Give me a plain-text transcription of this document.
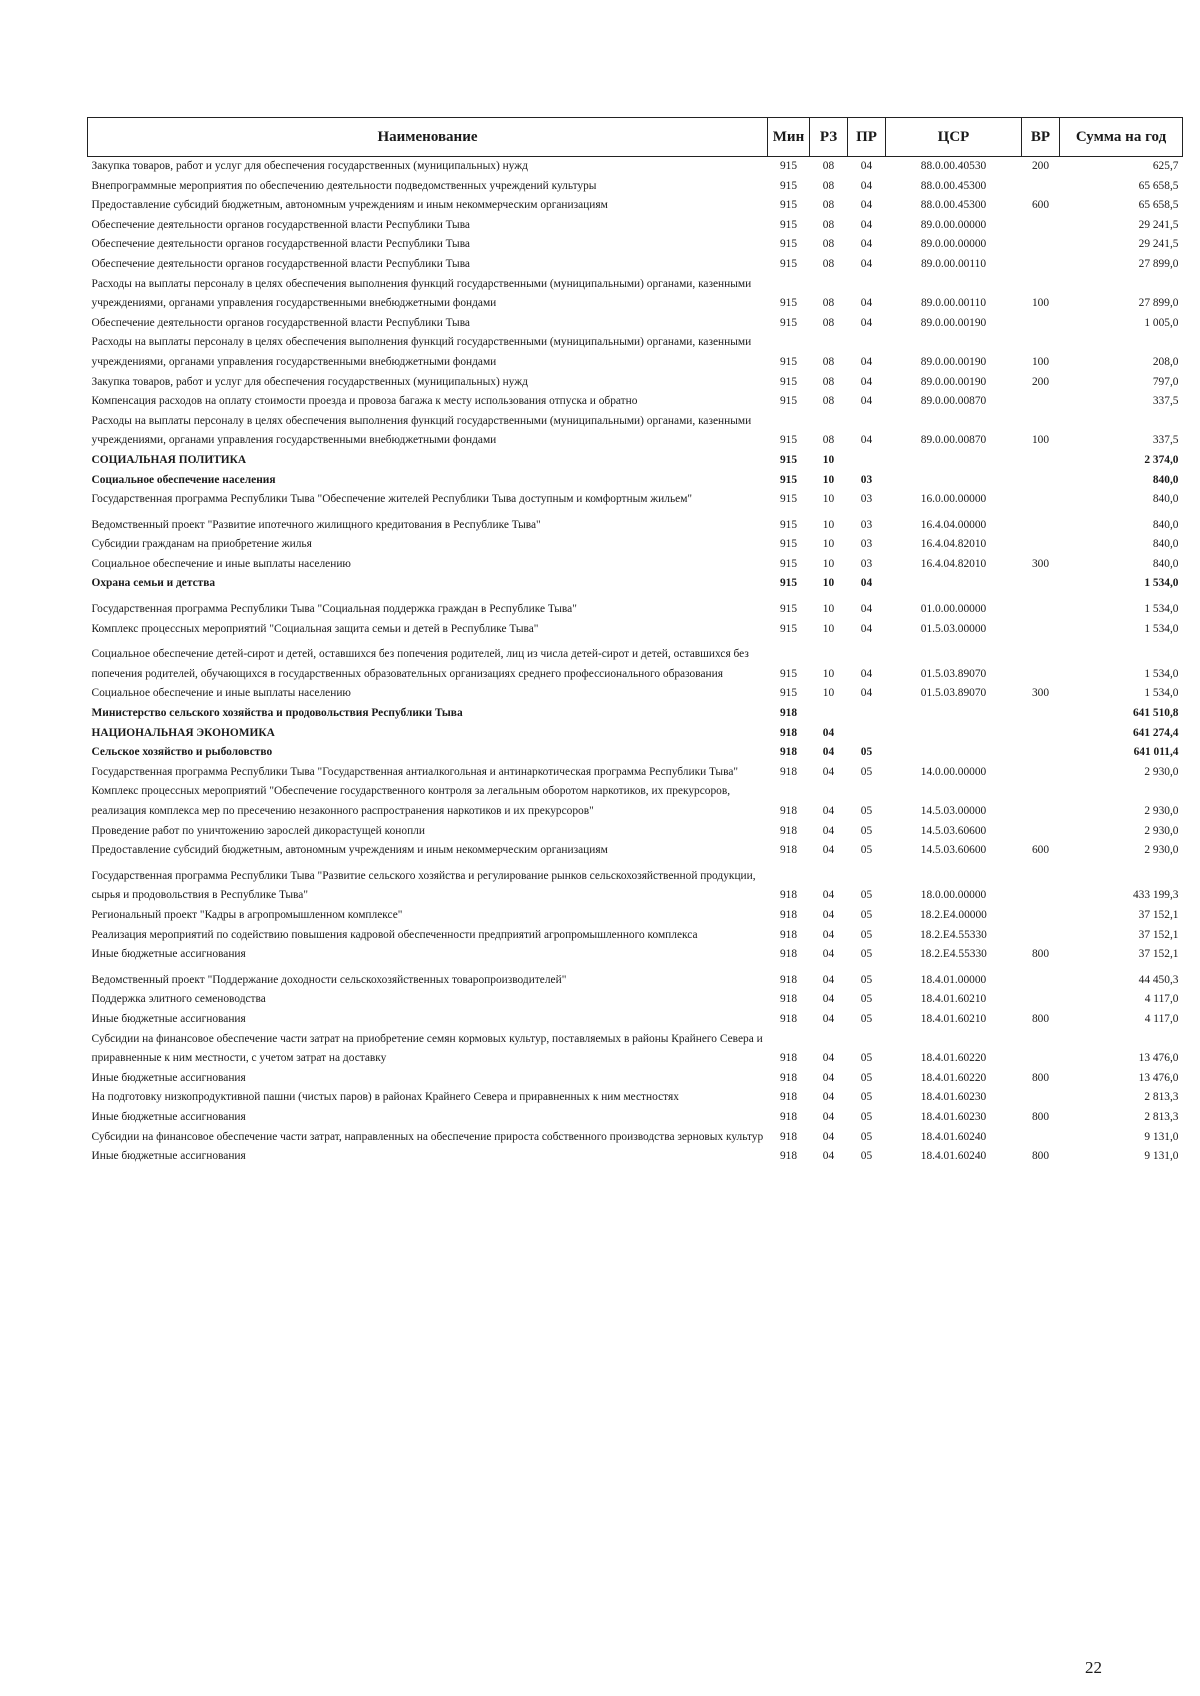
Наименование	Мин	РЗ	ПР	ЦСР	ВР	Сумма на год
Закупка товаров, работ и услуг для обеспечения государственных (муниципальных) нужд	915	08	04	88.0.00.40530	200	625,7
Внепрограммные мероприятия по обеспечению деятельности подведомственных учреждений культуры	915	08	04	88.0.00.45300		65 658,5
Предоставление субсидий бюджетным, автономным учреждениям и иным некоммерческим организациям	915	08	04	88.0.00.45300	600	65 658,5
Обеспечение деятельности органов государственной власти Республики Тыва	915	08	04	89.0.00.00000		29 241,5
Обеспечение деятельности органов государственной власти Республики Тыва	915	08	04	89.0.00.00000		29 241,5
Обеспечение деятельности органов государственной власти Республики Тыва	915	08	04	89.0.00.00110		27 899,0
Расходы на выплаты персоналу в целях обеспечения выполнения функций государственными (муниципальными) органами, казенными учреждениями, органами управления государственными внебюджетными фондами	915	08	04	89.0.00.00110	100	27 899,0
Обеспечение деятельности органов государственной власти Республики Тыва	915	08	04	89.0.00.00190		1 005,0
Расходы на выплаты персоналу в целях обеспечения выполнения функций государственными (муниципальными) органами, казенными учреждениями, органами управления государственными внебюджетными фондами	915	08	04	89.0.00.00190	100	208,0
Закупка товаров, работ и услуг для обеспечения государственных (муниципальных) нужд	915	08	04	89.0.00.00190	200	797,0
Компенсация расходов на оплату стоимости проезда и провоза багажа к месту использования отпуска и обратно	915	08	04	89.0.00.00870		337,5
Расходы на выплаты персоналу в целях обеспечения выполнения функций государственными (муниципальными) органами, казенными учреждениями, органами управления государственными внебюджетными фондами	915	08	04	89.0.00.00870	100	337,5
СОЦИАЛЬНАЯ ПОЛИТИКА	915	10				2 374,0
Социальное обеспечение населения	915	10	03			840,0
Государственная программа Республики Тыва "Обеспечение жителей Республики Тыва доступным и комфортным жильем"	915	10	03	16.0.00.00000		840,0
Ведомственный проект "Развитие ипотечного жилищного кредитования в Республике Тыва"	915	10	03	16.4.04.00000		840,0
Субсидии гражданам на приобретение жилья	915	10	03	16.4.04.82010		840,0
Социальное обеспечение и иные выплаты населению	915	10	03	16.4.04.82010	300	840,0
Охрана семьи и детства	915	10	04			1 534,0
Государственная программа Республики Тыва "Социальная поддержка граждан в Республике Тыва"	915	10	04	01.0.00.00000		1 534,0
Комплекс процессных мероприятий "Социальная защита семьи и детей в Республике Тыва"	915	10	04	01.5.03.00000		1 534,0
Социальное обеспечение детей-сирот и детей, оставшихся без попечения родителей, лиц из числа детей-сирот и детей, оставшихся без попечения родителей, обучающихся в государственных образовательных организациях среднего профессионального образования	915	10	04	01.5.03.89070		1 534,0
Социальное обеспечение и иные выплаты населению	915	10	04	01.5.03.89070	300	1 534,0
Министерство сельского хозяйства и продовольствия Республики Тыва	918					641 510,8
НАЦИОНАЛЬНАЯ ЭКОНОМИКА	918	04				641 274,4
Сельское хозяйство и рыболовство	918	04	05			641 011,4
Государственная программа Республики Тыва "Государственная антиалкогольная и антинаркотическая программа Республики Тыва"	918	04	05	14.0.00.00000		2 930,0
Комплекс процессных мероприятий "Обеспечение государственного контроля за легальным оборотом наркотиков, их прекурсоров, реализация комплекса мер по пресечению незаконного распространения наркотиков и их прекурсоров"	918	04	05	14.5.03.00000		2 930,0
Проведение работ по уничтожению зарослей дикорастущей конопли	918	04	05	14.5.03.60600		2 930,0
Предоставление субсидий бюджетным, автономным учреждениям и иным некоммерческим организациям	918	04	05	14.5.03.60600	600	2 930,0
Государственная программа Республики Тыва "Развитие сельского хозяйства и регулирование рынков сельскохозяйственной продукции, сырья и продовольствия в Республике Тыва"	918	04	05	18.0.00.00000		433 199,3
Региональный проект "Кадры в агропромышленном комплексе"	918	04	05	18.2.Е4.00000		37 152,1
Реализация мероприятий по содействию повышения кадровой обеспеченности предприятий агропромышленного комплекса	918	04	05	18.2.Е4.55330		37 152,1
Иные бюджетные ассигнования	918	04	05	18.2.Е4.55330	800	37 152,1
Ведомственный проект "Поддержание доходности сельскохозяйственных товаропроизводителей"	918	04	05	18.4.01.00000		44 450,3
Поддержка элитного семеноводства	918	04	05	18.4.01.60210		4 117,0
Иные бюджетные ассигнования	918	04	05	18.4.01.60210	800	4 117,0
Субсидии на финансовое обеспечение части затрат на приобретение семян кормовых культур, поставляемых в районы Крайнего Севера и приравненные к ним местности, с учетом затрат на доставку	918	04	05	18.4.01.60220		13 476,0
Иные бюджетные ассигнования	918	04	05	18.4.01.60220	800	13 476,0
На подготовку низкопродуктивной пашни (чистых паров) в районах Крайнего Севера и приравненных к ним местностях	918	04	05	18.4.01.60230		2 813,3
Иные бюджетные ассигнования	918	04	05	18.4.01.60230	800	2 813,3
Субсидии на финансовое обеспечение части затрат, направленных на обеспечение прироста собственного производства зерновых культур	918	04	05	18.4.01.60240		9 131,0
Иные бюджетные ассигнования	918	04	05	18.4.01.60240	800	9 131,0
22
